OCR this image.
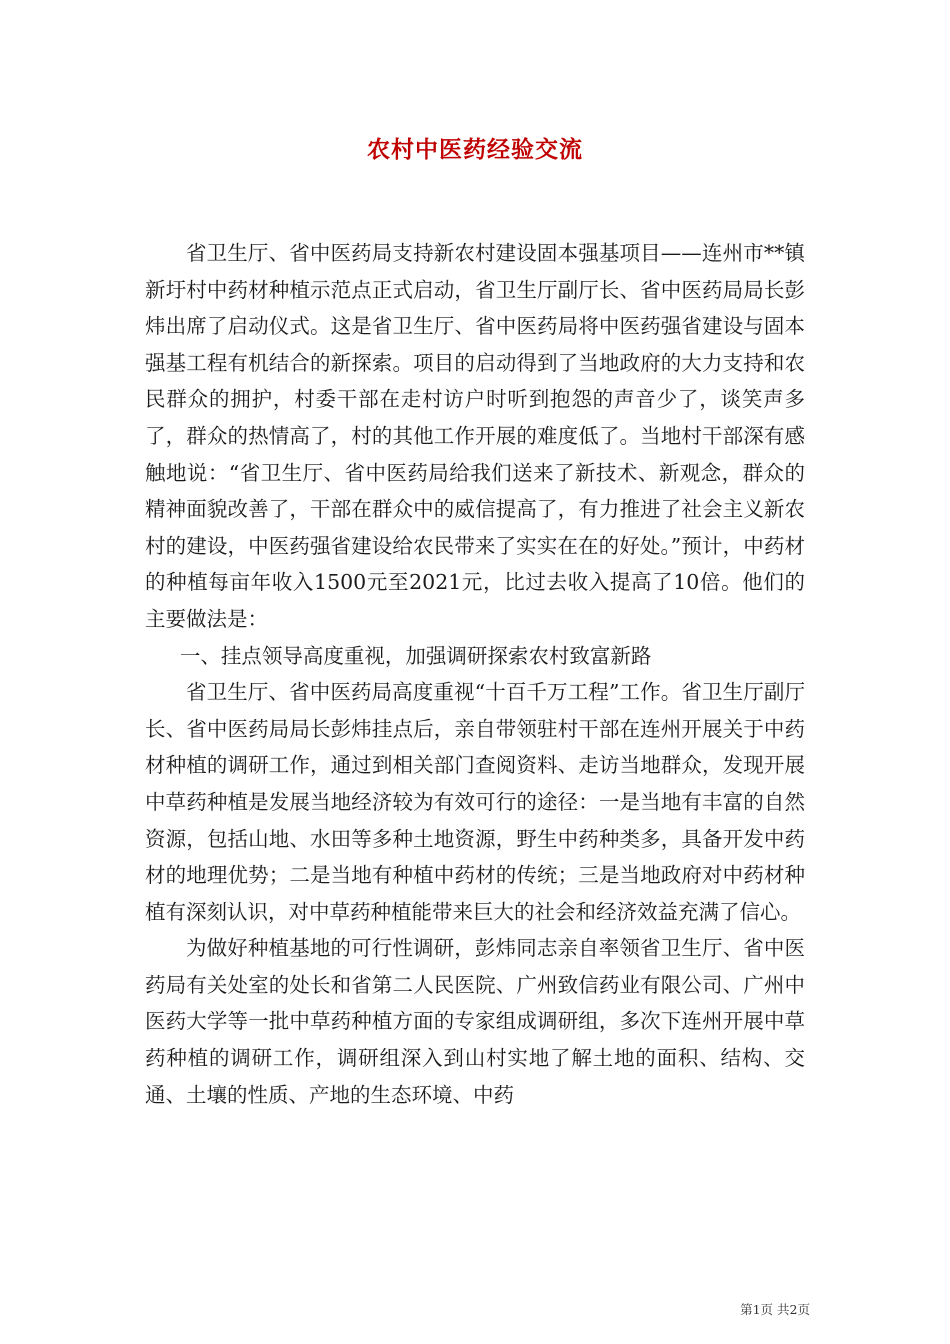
农村中医药经验交流

省卫生厅、省中医药局支持新农村建设固本强基项目——连州市**镇新圩村中药材种植示范点正式启动，省卫生厅副厅长、省中医药局局长彭炜出席了启动仪式。这是省卫生厅、省中医药局将中医药强省建设与固本强基工程有机结合的新探索。项目的启动得到了当地政府的大力支持和农民群众的拥护，村委干部在走村访户时听到抱怨的声音少了，谈笑声多了，群众的热情高了，村的其他工作开展的难度低了。当地村干部深有感触地说：“省卫生厅、省中医药局给我们送来了新技术、新观念，群众的精神面貌改善了，干部在群众中的威信提高了，有力推进了社会主义新农村的建设，中医药强省建设给农民带来了实实在在的好处。”预计，中药材的种植每亩年收入1500元至2021元，比过去收入提高了10倍。他们的主要做法是：

一、挂点领导高度重视，加强调研探索农村致富新路

省卫生厅、省中医药局高度重视“十百千万工程”工作。省卫生厅副厅长、省中医药局局长彭炜挂点后，亲自带领驻村干部在连州开展关于中药材种植的调研工作，通过到相关部门查阅资料、走访当地群众，发现开展中草药种植是发展当地经济较为有效可行的途径：一是当地有丰富的自然资源，包括山地、水田等多种土地资源，野生中药种类多，具备开发中药材的地理优势；二是当地有种植中药材的传统；三是当地政府对中药材种植有深刻认识，对中草药种植能带来巨大的社会和经济效益充满了信心。

为做好种植基地的可行性调研，彭炜同志亲自率领省卫生厅、省中医药局有关处室的处长和省第二人民医院、广州致信药业有限公司、广州中医药大学等一批中草药种植方面的专家组成调研组，多次下连州开展中草药种植的调研工作，调研组深入到山村实地了解土地的面积、结构、交通、土壤的性质、产地的生态环境、中药

第1页 共2页
